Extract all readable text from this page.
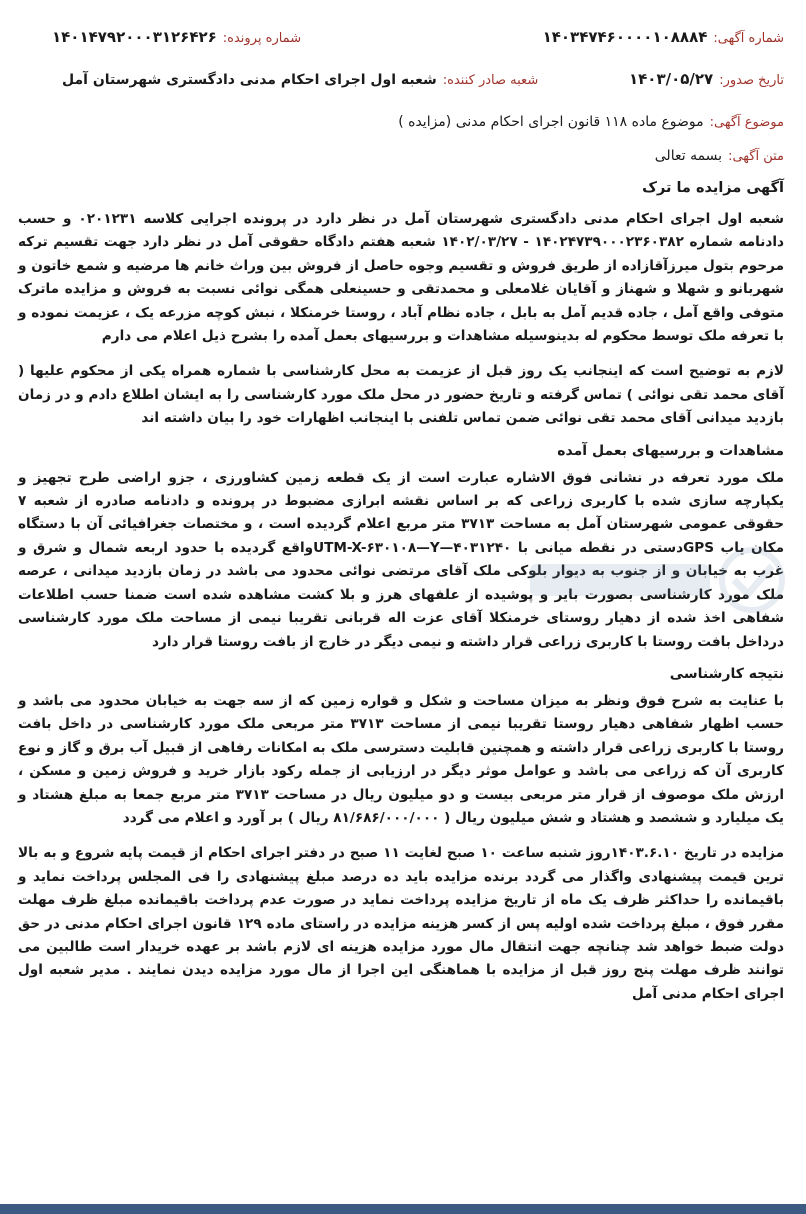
شماره آگهی:
۱۴۰۳۴۷۴۶۰۰۰۰۱۰۸۸۸۴
شماره پرونده:
۱۴۰۱۴۷۹۲۰۰۰۳۱۲۶۴۲۶
تاریخ صدور:
۱۴۰۳/۰۵/۲۷
شعبه صادر کننده:
شعبه اول اجرای احکام مدنی دادگستری شهرستان آمل
موضوع آگهی:
موضوع ماده ۱۱۸ قانون اجرای احکام مدنی (مزایده )
متن آگهی:
بسمه تعالی
آگهی مزایده ما ترک

شعبه اول اجرای احکام مدنی دادگستری شهرستان آمل در نظر دارد در پرونده اجرایی کلاسه ۰۲۰۱۲۳۱ و حسب دادنامه شماره ۱۴۰۲۴۷۳۹۰۰۰۲۳۶۰۳۸۲ - ۱۴۰۲/۰۳/۲۷ شعبه هفتم دادگاه حقوقی آمل در نظر دارد جهت تقسیم ترکه مرحوم بتول میرزآقازاده از طریق فروش و تقسیم وجوه حاصل از فروش بین وراث خانم ها مرضیه و شمع خاتون و شهربانو و شهلا و شهناز و آقایان غلامعلی و محمدتقی و حسینعلی همگی نوائی نسبت به فروش و مزایده ماترک متوفی واقع آمل ، جاده قدیم آمل به بابل ، جاده نظام آباد ، روستا خرمنکلا ، نبش کوچه مزرعه یک ، عزیمت نموده و با تعرفه ملک توسط محکوم له بدینوسیله مشاهدات و بررسیهای بعمل آمده را بشرح ذیل اعلام می دارم

لازم به توضیح است که اینجانب یک روز قبل از عزیمت به محل کارشناسی با شماره همراه یکی از محکوم علیها ( آقای محمد تقی نوائی ) تماس گرفته و تاریخ حضور در محل ملک مورد کارشناسی را به ایشان اطلاع دادم و در زمان بازدید میدانی آقای محمد تقی نوائی ضمن تماس تلفنی با اینجانب اظهارات خود را بیان داشته اند

مشاهدات و بررسیهای بعمل آمده

ملک مورد تعرفه در نشانی فوق الاشاره عبارت است از یک قطعه زمین کشاورزی ، جزو اراضی طرح تجهیز و یکپارچه سازی شده با کاربری زراعی که بر اساس نقشه ابرازی مضبوط در پرونده و دادنامه صادره از شعبه ۷ حقوقی عمومی شهرستان آمل به مساحت ۳۷۱۳ متر مربع اعلام گردیده است ، و مختصات جغرافیائی آن با دستگاه مکان یاب GPSدستی در نقطه میانی با UTM-X-۶۳۰۱۰۸—Y—۴۰۳۱۲۴۰واقع گردیده با حدود اربعه شمال و شرق و غرب به خیابان و از جنوب به دیوار بلوکی ملک آقای مرتضی نوائی محدود می باشد در زمان بازدید میدانی ، عرصه ملک مورد کارشناسی بصورت بایر و پوشیده از علفهای هرز و بلا کشت مشاهده شده است ضمنا حسب اطلاعات شفاهی اخذ شده از دهیار روستای خرمنکلا آقای عزت اله قربانی تقریبا نیمی از مساحت ملک مورد کارشناسی درداخل بافت روستا با کاربری زراعی قرار داشته و نیمی دیگر در خارج از بافت روستا قرار دارد

نتیجه کارشناسی

با عنایت به شرح فوق ونظر به میزان مساحت و شکل و قواره زمین که از سه جهت به خیابان محدود می باشد و حسب اظهار شفاهی دهیار روستا تقریبا نیمی از مساحت ۳۷۱۳ متر مربعی ملک مورد کارشناسی در داخل بافت روستا با کاربری زراعی قرار داشته و همچنین قابلیت دسترسی ملک به امکانات رفاهی از قبیل آب برق و گاز و نوع کاربری آن که زراعی می باشد و عوامل موثر دیگر در ارزیابی از جمله رکود بازار خرید و فروش زمین و مسکن ، ارزش ملک موصوف از قرار متر مربعی بیست و دو میلیون ریال در مساحت ۳۷۱۳ متر مربع جمعا به مبلغ هشتاد و یک میلیارد و ششصد و هشتاد و شش میلیون ریال ( ۸۱/۶۸۶/۰۰۰/۰۰۰ ریال ) بر آورد و اعلام می گردد

مزایده در تاریخ ۱۴۰۳.۶.۱۰روز شنبه ساعت ۱۰ صبح لغایت ۱۱ صبح در دفتر اجرای احکام از قیمت پایه شروع و به بالا ترین قیمت پیشنهادی واگذار می گردد برنده مزایده باید ده درصد مبلغ پیشنهادی را فی المجلس پرداخت نماید و باقیمانده را حداکثر ظرف یک ماه از تاریخ مزایده پرداخت نماید در صورت عدم پرداخت باقیمانده مبلغ ظرف مهلت مقرر فوق ، مبلغ پرداخت شده اولیه پس از کسر هزینه مزایده در راستای ماده ۱۲۹ قانون اجرای احکام مدنی در حق دولت ضبط خواهد شد چنانچه جهت انتقال مال مورد مزایده هزینه ای لازم باشد بر عهده خریدار است طالبین می توانند ظرف مهلت پنج روز قبل از مزایده با هماهنگی این اجرا از مال مورد مزایده دیدن نمایند . مدیر شعبه اول اجرای احکام مدنی آمل
